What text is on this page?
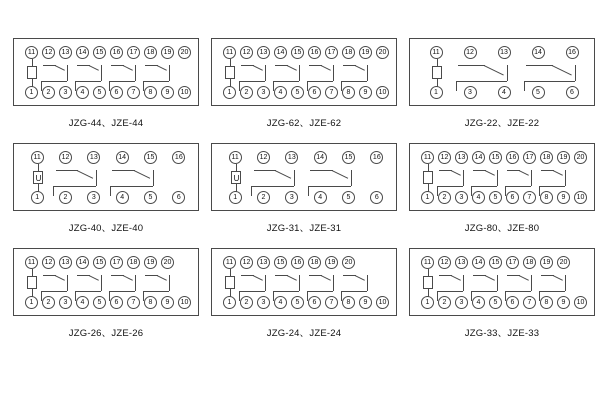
11	12	13	14	15	16	17	18	19	20
1	2	3	4	5	6	7	8	9	10
JZG-44、JZE-44
11	12	13	14	15	16	17	18	19	20
1	2	3	4	5	6	7	8	9	10
JZG-62、JZE-62
11	12	13	14	16
1	3	4	5	6
JZG-22、JZE-22
11	12	13	14	15	16
1	2	3	4	5	6
U
JZG-40、JZE-40
11	12	13	14	15	16
1	2	3	4	5	6
U
JZG-31、JZE-31
11	12	13	14	15	16	17	18	19	20
1	2	3	4	5	6	7	8	9	10
JZG-80、JZE-80
11	12	13	14	15	17	18	19	20
1	2	3	4	5	6	7	8	9	10
JZG-26、JZE-26
11	12	13	15	16	18	19	20
1	2	3	4	5	6	7	8	9	10
JZG-24、JZE-24
11	12	13	14	15	17	18	19	20
1	2	3	4	5	6	7	8	9	10
JZG-33、JZE-33
